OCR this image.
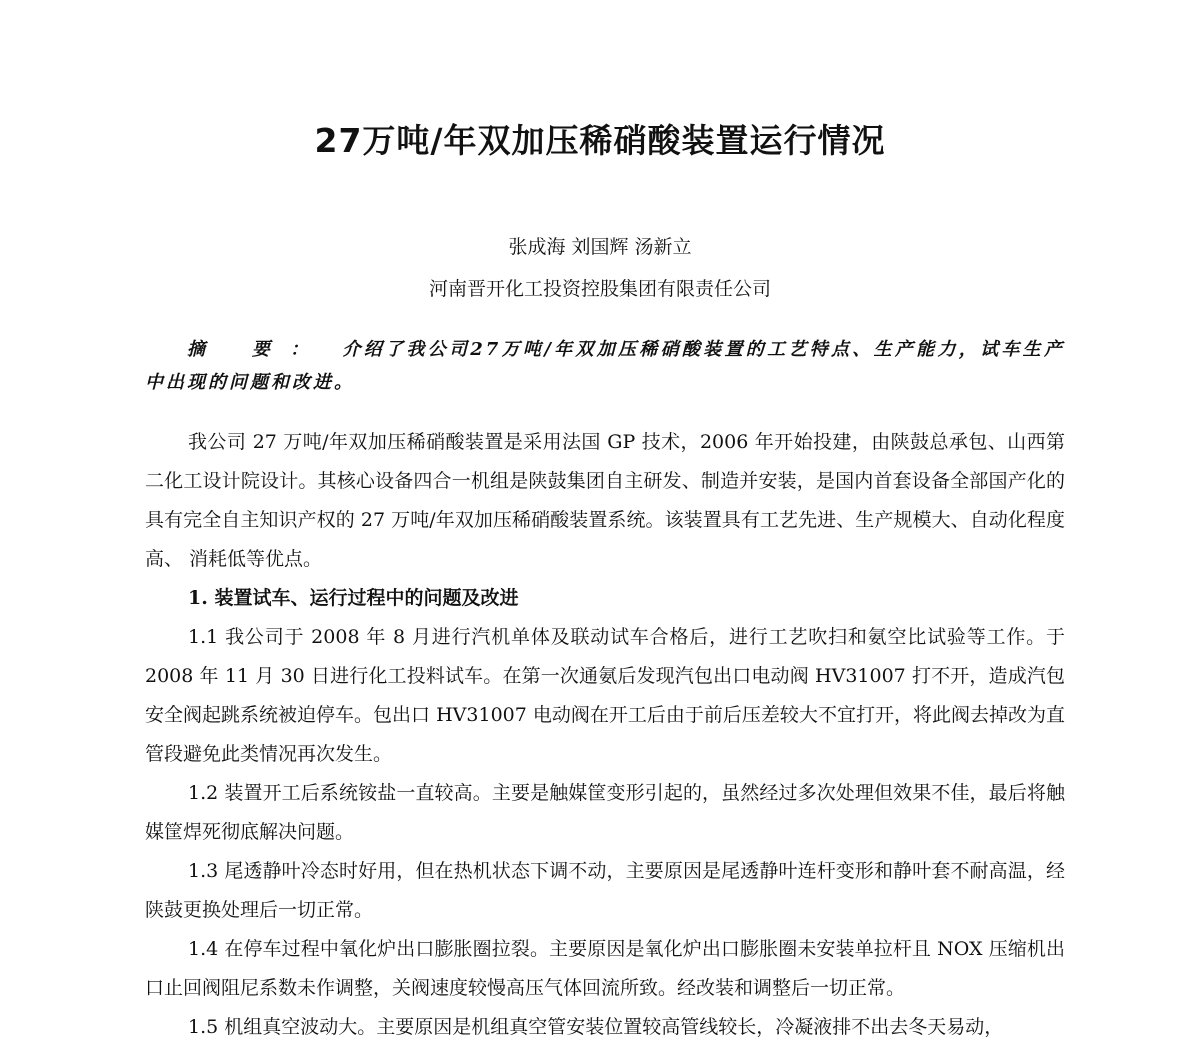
27万吨/年双加压稀硝酸装置运行情况
张成海 刘国辉 汤新立
河南晋开化工投资控股集团有限责任公司
摘 要： 介绍了我公司27万吨/年双加压稀硝酸装置的工艺特点、生产能力，试车生产中出现的问题和改进。

我公司 27 万吨/年双加压稀硝酸装置是采用法国 GP 技术，2006 年开始投建，由陕鼓总承包、山西第二化工设计院设计。其核心设备四合一机组是陕鼓集团自主研发、制造并安装，是国内首套设备全部国产化的具有完全自主知识产权的 27 万吨/年双加压稀硝酸装置系统。该装置具有工艺先进、生产规模大、自动化程度高、 消耗低等优点。

1. 装置试车、运行过程中的问题及改进

1.1 我公司于 2008 年 8 月进行汽机单体及联动试车合格后，进行工艺吹扫和氨空比试验等工作。于 2008 年 11 月 30 日进行化工投料试车。在第一次通氨后发现汽包出口电动阀 HV31007 打不开，造成汽包安全阀起跳系统被迫停车。包出口 HV31007 电动阀在开工后由于前后压差较大不宜打开，将此阀去掉改为直管段避免此类情况再次发生。

1.2 装置开工后系统铵盐一直较高。主要是触媒筐变形引起的，虽然经过多次处理但效果不佳，最后将触媒筐焊死彻底解决问题。

1.3 尾透静叶冷态时好用，但在热机状态下调不动，主要原因是尾透静叶连杆变形和静叶套不耐高温，经陕鼓更换处理后一切正常。

1.4 在停车过程中氧化炉出口膨胀圈拉裂。主要原因是氧化炉出口膨胀圈未安装单拉杆且 NOX 压缩机出口止回阀阻尼系数未作调整，关阀速度较慢高压气体回流所致。经改装和调整后一切正常。

1.5 机组真空波动大。主要原因是机组真空管安装位置较高管线较长，冷凝液排不出去冬天易动，
